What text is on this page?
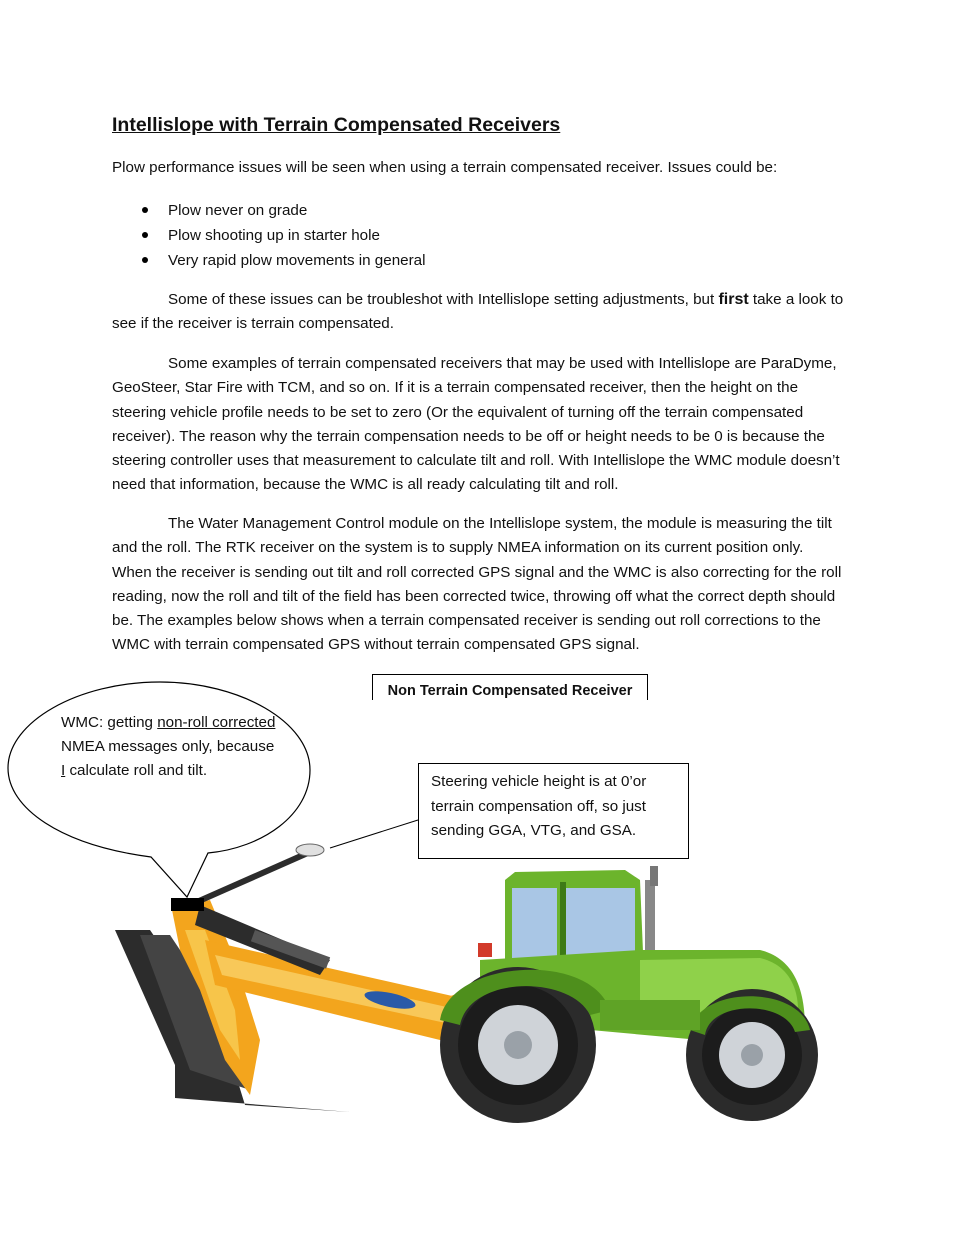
Intellislope with Terrain Compensated Receivers

Plow performance issues will be seen when using a terrain compensated receiver. Issues could be:

Plow never on grade
Plow shooting up in starter hole
Very rapid plow movements in general

Some of these issues can be troubleshot with Intellislope setting adjustments, but first take a look to see if the receiver is terrain compensated.

Some examples of terrain compensated receivers that may be used with Intellislope are ParaDyme, GeoSteer, Star Fire with TCM, and so on. If it is a terrain compensated receiver, then the height on the steering vehicle profile needs to be set to zero (Or the equivalent of turning off the terrain compensated receiver). The reason why the terrain compensation needs to be off or height needs to be 0 is because the steering controller uses that measurement to calculate tilt and roll. With Intellislope the WMC module doesn’t need that information, because the WMC is all ready calculating tilt and roll.

The Water Management Control module on the Intellislope system, the module is measuring the tilt and the roll. The RTK receiver on the system is to supply NMEA information on its current position only. When the receiver is sending out tilt and roll corrected GPS signal and the WMC is also correcting for the roll reading, now the roll and tilt of the field has been corrected twice, throwing off what the correct depth should be. The examples below shows when a terrain compensated receiver is sending out roll corrections to the WMC with terrain compensated GPS without terrain compensated GPS signal.

Non Terrain Compensated Receiver
WMC: getting non-roll corrected NMEA messages only, because I calculate roll and tilt.
Steering vehicle height is at 0’or terrain compensation off, so just sending GGA, VTG, and GSA.
